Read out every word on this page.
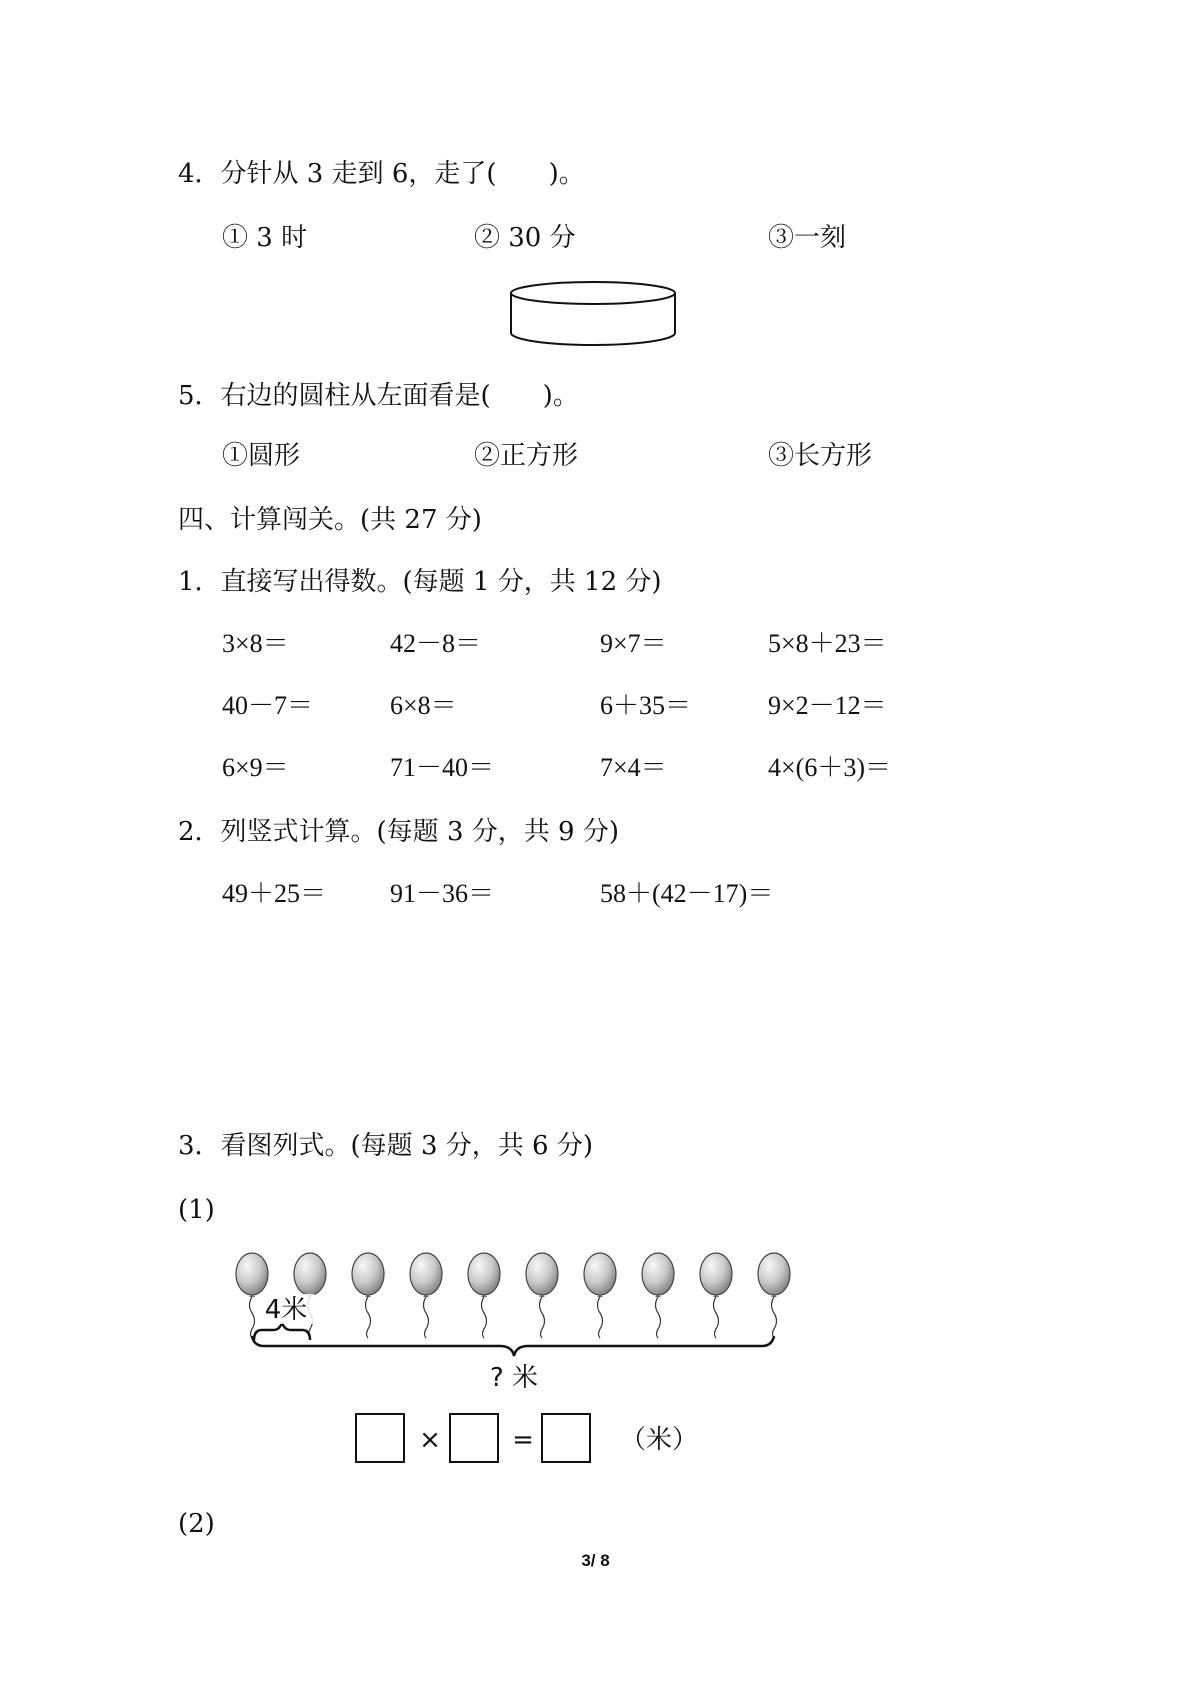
4．分针从 3 走到 6，走了(　　)。
① 3 时	② 30 分	③一刻
5．右边的圆柱从左面看是(　　)。
①圆形	②正方形	③长方形
四、计算闯关。(共 27 分)
1．直接写出得数。(每题 1 分，共 12 分)
3×8＝	42－8＝	9×7＝	5×8＋23＝
40－7＝	6×8＝	6＋35＝	9×2－12＝
6×9＝	71－40＝	7×4＝	4×(6＋3)＝
2．列竖式计算。(每题 3 分，共 9 分)
49＋25＝ 91－36＝	58＋(42－17)＝
3．看图列式。(每题 3 分，共 6 分)
(1)
4米
? 米
×	=	（米）
(2)
3/ 8
